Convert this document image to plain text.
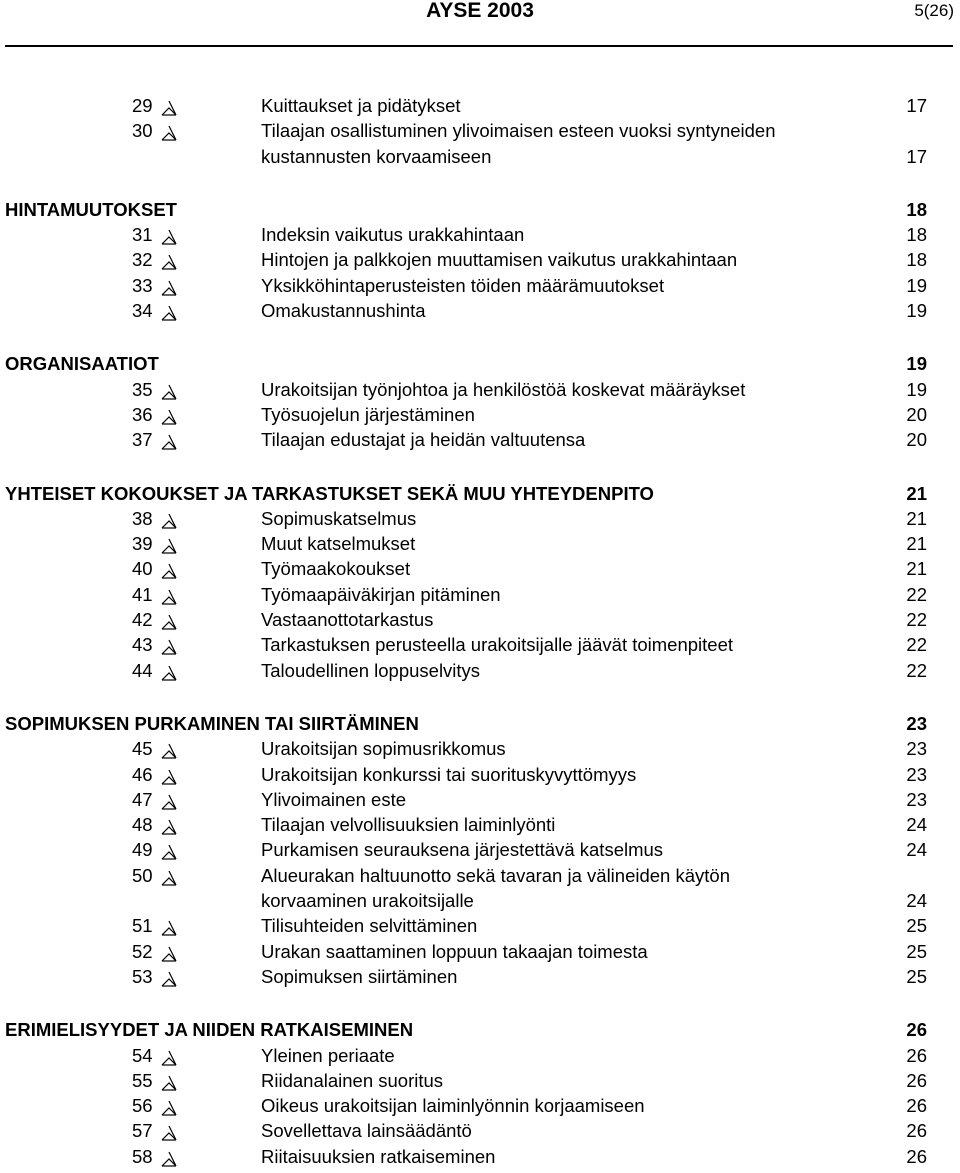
AYSE 2003	5(26)
29	Kuittaukset ja pidätykset	17
30	Tilaajan osallistuminen ylivoimaisen esteen vuoksi syntyneiden
kustannusten korvaamiseen	17
HINTAMUUTOKSET	18
31	Indeksin vaikutus urakkahintaan	18
32	Hintojen ja palkkojen muuttamisen vaikutus urakkahintaan	18
33	Yksikköhintaperusteisten töiden määrämuutokset	19
34	Omakustannushinta	19
ORGANISAATIOT	19
35	Urakoitsijan työnjohtoa ja henkilöstöä koskevat määräykset	19
36	Työsuojelun järjestäminen	20
37	Tilaajan edustajat ja heidän valtuutensa	20
YHTEISET KOKOUKSET JA TARKASTUKSET SEKÄ MUU YHTEYDENPITO	21
38	Sopimuskatselmus	21
39	Muut katselmukset	21
40	Työmaakokoukset	21
41	Työmaapäiväkirjan pitäminen	22
42	Vastaanottotarkastus	22
43	Tarkastuksen perusteella urakoitsijalle jäävät toimenpiteet	22
44	Taloudellinen loppuselvitys	22
SOPIMUKSEN PURKAMINEN TAI SIIRTÄMINEN	23
45	Urakoitsijan sopimusrikkomus	23
46	Urakoitsijan konkurssi tai suorituskyvyttömyys	23
47	Ylivoimainen este	23
48	Tilaajan velvollisuuksien laiminlyönti	24
49	Purkamisen seurauksena järjestettävä katselmus	24
50	Alueurakan haltuunotto sekä tavaran ja välineiden käytön
korvaaminen urakoitsijalle	24
51	Tilisuhteiden selvittäminen	25
52	Urakan saattaminen loppuun takaajan toimesta	25
53	Sopimuksen siirtäminen	25
ERIMIELISYYDET JA NIIDEN RATKAISEMINEN	26
54	Yleinen periaate	26
55	Riidanalainen suoritus	26
56	Oikeus urakoitsijan laiminlyönnin korjaamiseen	26
57	Sovellettava lainsäädäntö	26
58	Riitaisuuksien ratkaiseminen	26
